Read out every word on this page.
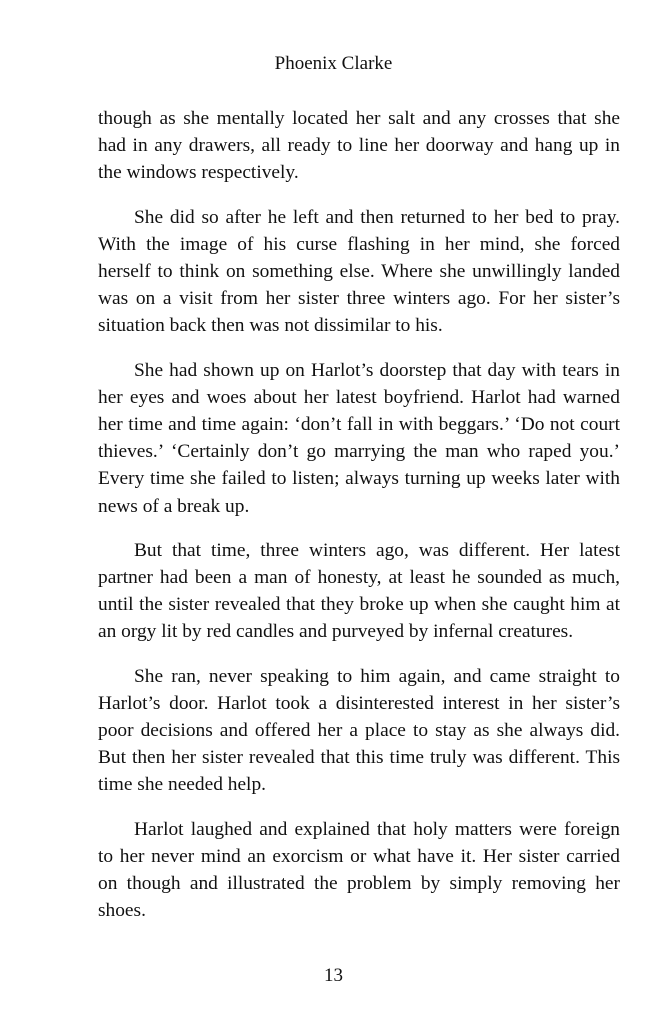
Phoenix Clarke

though as she mentally located her salt and any crosses that she had in any drawers, all ready to line her doorway and hang up in the windows respectively.

She did so after he left and then returned to her bed to pray. With the image of his curse flashing in her mind, she forced herself to think on something else. Where she unwillingly landed was on a visit from her sister three winters ago. For her sister’s situation back then was not dissimilar to his.

She had shown up on Harlot’s doorstep that day with tears in her eyes and woes about her latest boyfriend. Harlot had warned her time and time again: ‘don’t fall in with beggars.’ ‘Do not court thieves.’ ‘Certainly don’t go marrying the man who raped you.’ Every time she failed to listen; always turning up weeks later with news of a break up.

But that time, three winters ago, was different. Her latest partner had been a man of honesty, at least he sounded as much, until the sister revealed that they broke up when she caught him at an orgy lit by red candles and purveyed by infernal creatures.

She ran, never speaking to him again, and came straight to Harlot’s door. Harlot took a disinterested interest in her sister’s poor decisions and offered her a place to stay as she always did. But then her sister revealed that this time truly was different. This time she needed help.

Harlot laughed and explained that holy matters were foreign to her never mind an exorcism or what have it. Her sister carried on though and illustrated the problem by simply removing her shoes.

13
